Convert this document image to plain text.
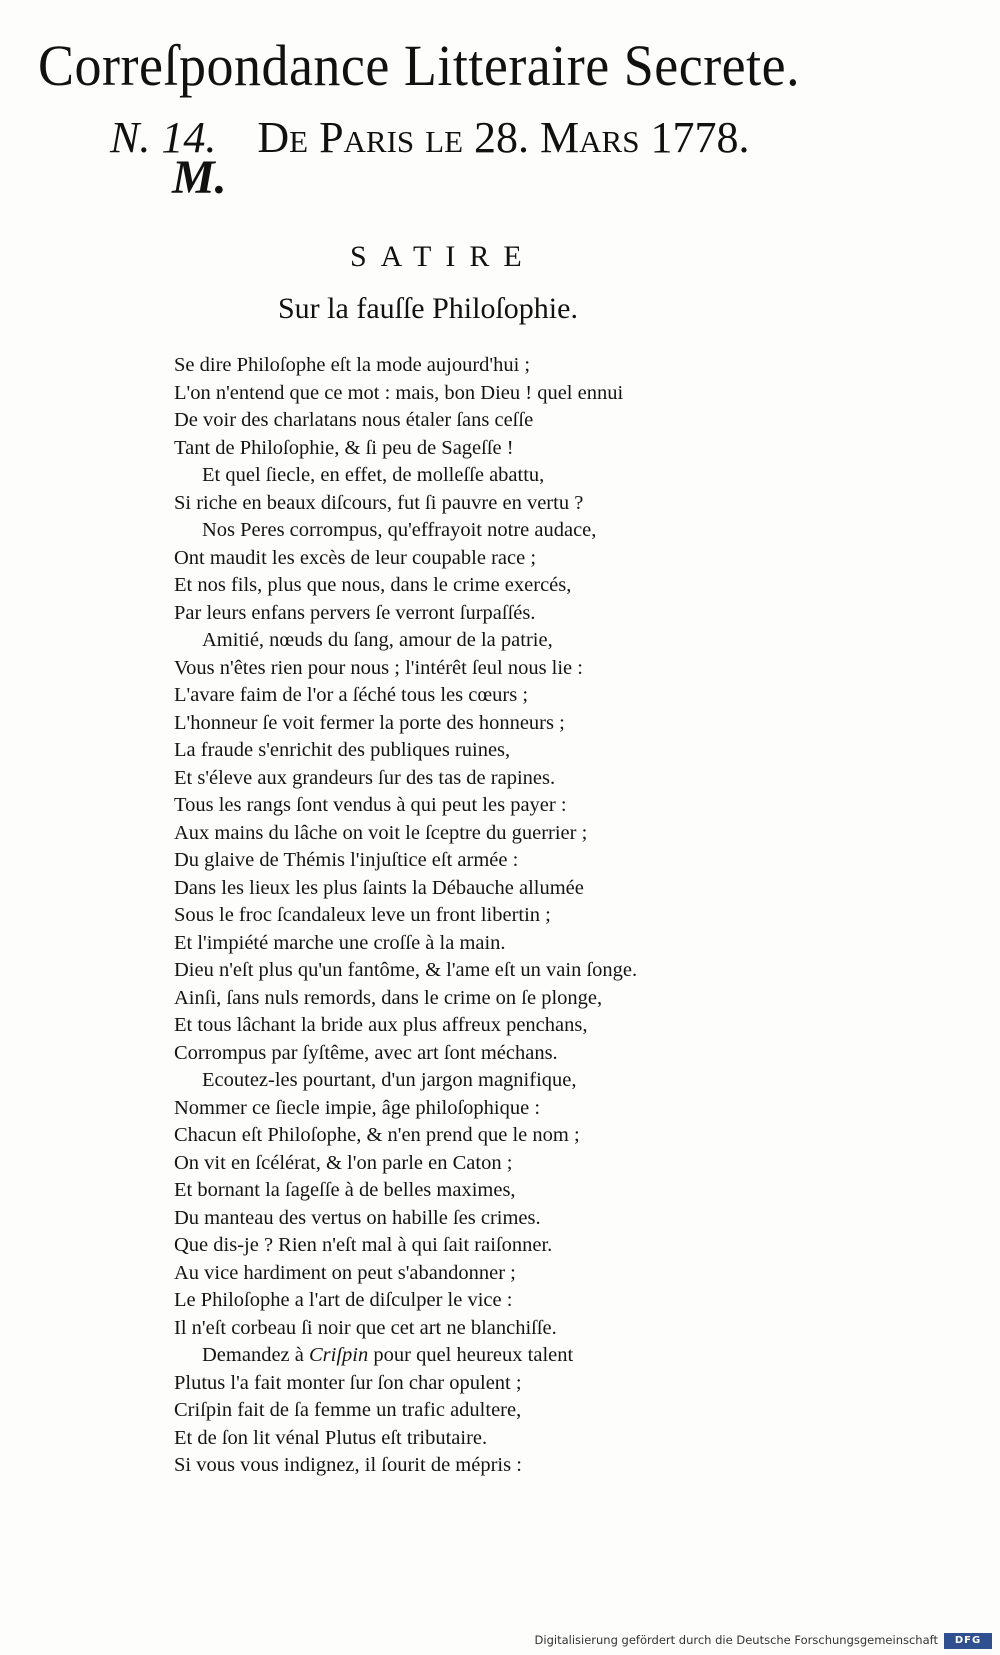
Correſpondance Litteraire Secrete.
N. 14. De Paris le 28. Mars 1778.
M.
SATIRE
Sur la fauſſe Philoſophie.
Se dire Philoſophe eſt la mode aujourd'hui ;
L'on n'entend que ce mot : mais, bon Dieu ! quel ennui
De voir des charlatans nous étaler ſans ceſſe
Tant de Philoſophie, & ſi peu de Sageſſe !
Et quel ſiecle, en effet, de molleſſe abattu,
Si riche en beaux diſcours, fut ſi pauvre en vertu ?
Nos Peres corrompus, qu'effrayoit notre audace,
Ont maudit les excès de leur coupable race ;
Et nos fils, plus que nous, dans le crime exercés,
Par leurs enfans pervers ſe verront ſurpaſſés.
Amitié, nœuds du ſang, amour de la patrie,
Vous n'êtes rien pour nous ; l'intérêt ſeul nous lie :
L'avare faim de l'or a ſéché tous les cœurs ;
L'honneur ſe voit fermer la porte des honneurs ;
La fraude s'enrichit des publiques ruines,
Et s'éleve aux grandeurs ſur des tas de rapines.
Tous les rangs ſont vendus à qui peut les payer :
Aux mains du lâche on voit le ſceptre du guerrier ;
Du glaive de Thémis l'injuſtice eſt armée :
Dans les lieux les plus ſaints la Débauche allumée
Sous le froc ſcandaleux leve un front libertin ;
Et l'impiété marche une croſſe à la main.
Dieu n'eſt plus qu'un fantôme, & l'ame eſt un vain ſonge.
Ainſi, ſans nuls remords, dans le crime on ſe plonge,
Et tous lâchant la bride aux plus affreux penchans,
Corrompus par ſyſtême, avec art ſont méchans.
Ecoutez-les pourtant, d'un jargon magnifique,
Nommer ce ſiecle impie, âge philoſophique :
Chacun eſt Philoſophe, & n'en prend que le nom ;
On vit en ſcélérat, & l'on parle en Caton ;
Et bornant la ſageſſe à de belles maximes,
Du manteau des vertus on habille ſes crimes.
Que dis-je ? Rien n'eſt mal à qui ſait raiſonner.
Au vice hardiment on peut s'abandonner ;
Le Philoſophe a l'art de diſculper le vice :
Il n'eſt corbeau ſi noir que cet art ne blanchiſſe.
Demandez à Criſpin pour quel heureux talent
Plutus l'a fait monter ſur ſon char opulent ;
Criſpin fait de ſa femme un trafic adultere,
Et de ſon lit vénal Plutus eſt tributaire.
Si vous vous indignez, il ſourit de mépris :
Digitalisierung gefördert durch die Deutsche Forschungsgemeinschaft	DFG
